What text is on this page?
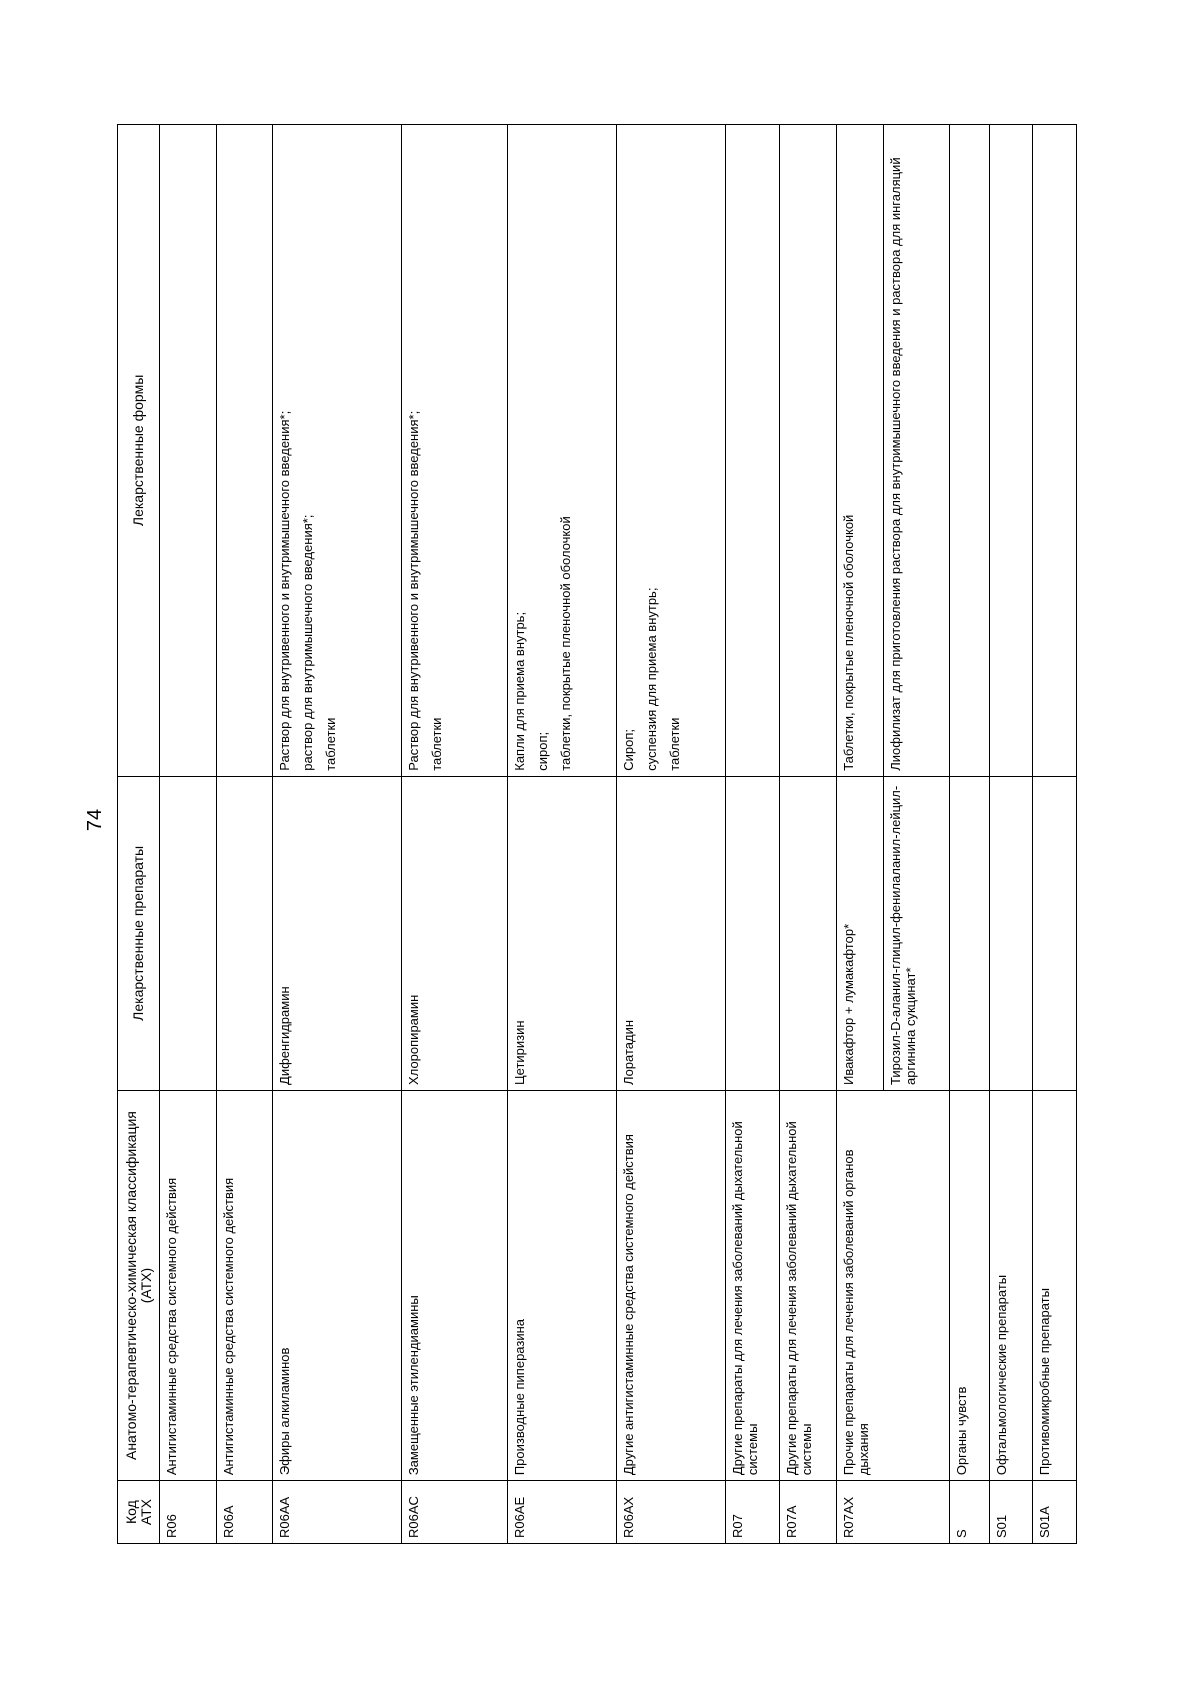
74
Код АТХ	Анатомо-терапевтическо-химическая классификация (АТХ)	Лекарственные препараты	Лекарственные формы
R06	Антигистаминные средства системного действия		
R06A	Антигистаминные средства системного действия		
R06AA	Эфиры алкиламинов	Дифенгидрамин	Раствор для внутривенного и внутримышечного введения*; раствор для внутримышечного введения*; таблетки

R06AC	Замещенные этилендиамины	Хлоропирамин	Раствор для внутривенного и внутримышечного введения*; таблетки

R06AE	Производные пиперазина	Цетиризин	Капли для приема внутрь; сироп; таблетки, покрытые пленочной оболочкой

R06AX	Другие антигистаминные средства системного действия	Лоратадин	Сироп; суспензия для приема внутрь; таблетки

R07	Другие препараты для лечения заболеваний дыхательной системы		
R07A	Другие препараты для лечения заболеваний дыхательной системы		
R07AX	Прочие препараты для лечения заболеваний органов дыхания	Ивакафтор + лумакафтор*	Таблетки, покрытые пленочной оболочкой

		Тирозил-D-аланил-глицил-фенилаланил-лейцил-аргинина сукцинат*	Лиофилизат для приготовления раствора для внутримышечного введения и раствора для ингаляций

S	Органы чувств		
S01	Офтальмологические препараты		
S01A	Противомикробные препараты		
